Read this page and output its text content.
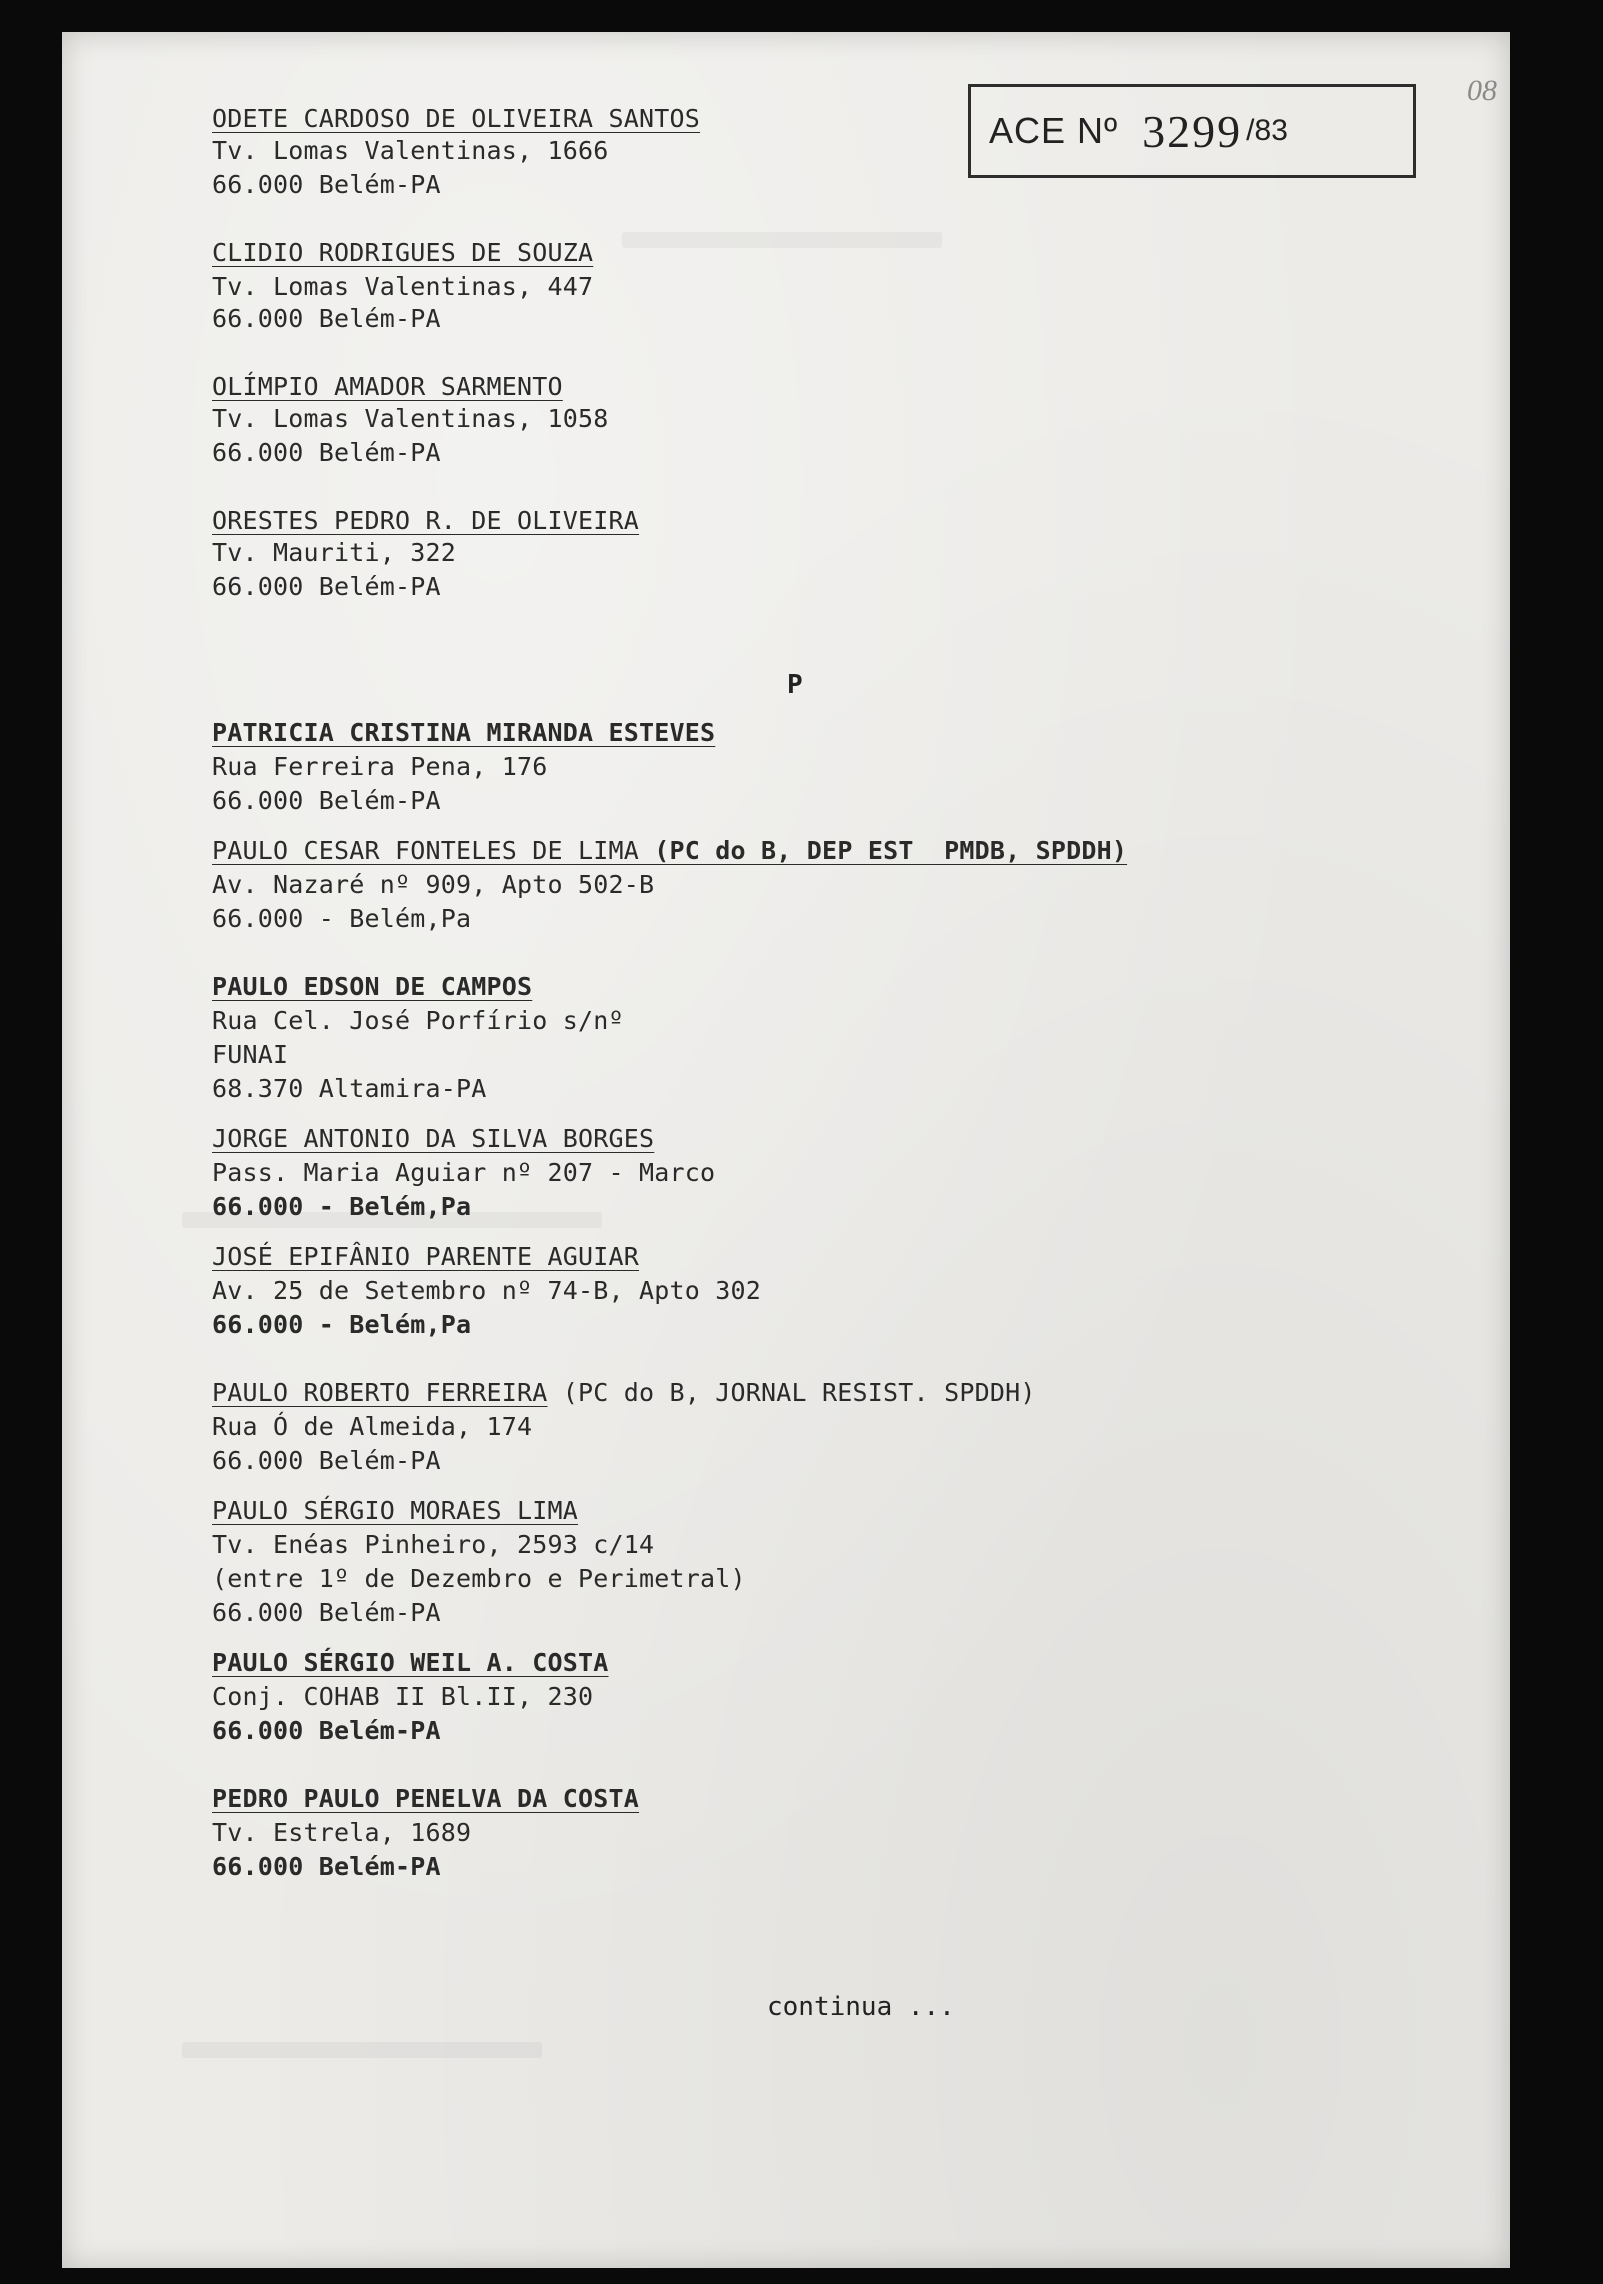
ACE Nº 3299 /83
08
ODETE CARDOSO DE OLIVEIRA SANTOS
Tv. Lomas Valentinas, 1666
66.000 Belém-PA
CLIDIO RODRIGUES DE SOUZA
Tv. Lomas Valentinas, 447
66.000 Belém-PA
OLÍMPIO AMADOR SARMENTO
Tv. Lomas Valentinas, 1058
66.000 Belém-PA
ORESTES PEDRO R. DE OLIVEIRA
Tv. Mauriti, 322
66.000 Belém-PA
P
PATRICIA CRISTINA MIRANDA ESTEVES
Rua Ferreira Pena, 176
66.000 Belém-PA
PAULO CESAR FONTELES DE LIMA (PC do B, DEP EST  PMDB, SPDDH)
Av. Nazaré nº 909, Apto 502-B
66.000 - Belém,Pa
PAULO EDSON DE CAMPOS
Rua Cel. José Porfírio s/nº
FUNAI
68.370 Altamira-PA
JORGE ANTONIO DA SILVA BORGES
Pass. Maria Aguiar nº 207 - Marco
66.000 - Belém,Pa
JOSÉ EPIFÂNIO PARENTE AGUIAR
Av. 25 de Setembro nº 74-B, Apto 302
66.000 - Belém,Pa
PAULO ROBERTO FERREIRA (PC do B, JORNAL RESIST. SPDDH)
Rua Ó de Almeida, 174
66.000 Belém-PA
PAULO SÉRGIO MORAES LIMA
Tv. Enéas Pinheiro, 2593 c/14
(entre 1º de Dezembro e Perimetral)
66.000 Belém-PA
PAULO SÉRGIO WEIL A. COSTA
Conj. COHAB II Bl.II, 230
66.000 Belém-PA
PEDRO PAULO PENELVA DA COSTA
Tv. Estrela, 1689
66.000 Belém-PA
continua ...
